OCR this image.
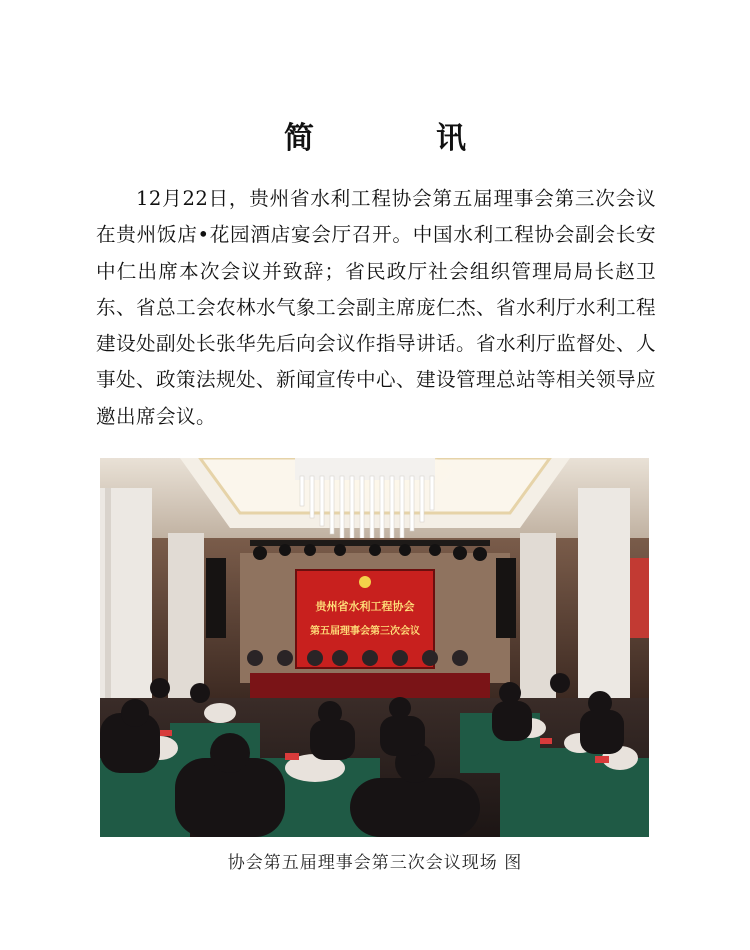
简　讯
12月22日，贵州省水利工程协会第五届理事会第三次会议在贵州饭店•花园酒店宴会厅召开。中国水利工程协会副会长安中仁出席本次会议并致辞；省民政厅社会组织管理局局长赵卫东、省总工会农林水气象工会副主席庞仁杰、省水利厅水利工程建设处副处长张华先后向会议作指导讲话。省水利厅监督处、人事处、政策法规处、新闻宣传中心、建设管理总站等相关领导应邀出席会议。
贵州省水利工程协会
第五届理事会第三次会议
协会第五届理事会第三次会议现场 图
